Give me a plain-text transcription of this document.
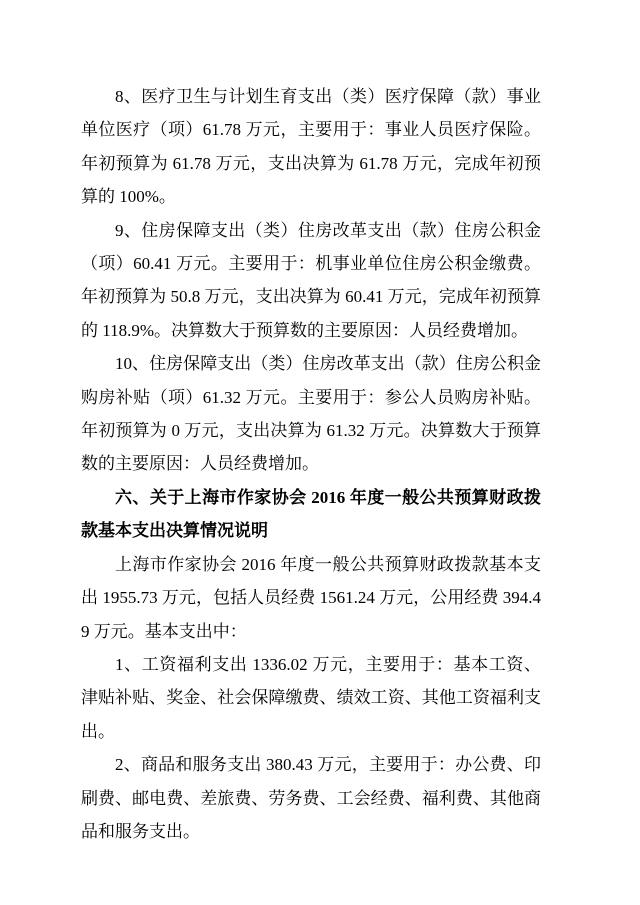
8、医疗卫生与计划生育支出（类）医疗保障（款）事业单位医疗（项）61.78 万元，主要用于：事业人员医疗保险。年初预算为 61.78 万元，支出决算为 61.78 万元，完成年初预算的 100%。

9、住房保障支出（类）住房改革支出（款）住房公积金（项）60.41 万元。主要用于：机事业单位住房公积金缴费。年初预算为 50.8 万元，支出决算为 60.41 万元，完成年初预算的 118.9%。决算数大于预算数的主要原因：人员经费增加。

10、住房保障支出（类）住房改革支出（款）住房公积金购房补贴（项）61.32 万元。主要用于：参公人员购房补贴。年初预算为 0 万元，支出决算为 61.32 万元。决算数大于预算数的主要原因：人员经费增加。

六、关于上海市作家协会 2016 年度一般公共预算财政拨款基本支出决算情况说明

上海市作家协会 2016 年度一般公共预算财政拨款基本支出 1955.73 万元，包括人员经费 1561.24 万元，公用经费 394.49 万元。基本支出中：

1、工资福利支出 1336.02 万元，主要用于：基本工资、津贴补贴、奖金、社会保障缴费、绩效工资、其他工资福利支出。

2、商品和服务支出 380.43 万元，主要用于：办公费、印刷费、邮电费、差旅费、劳务费、工会经费、福利费、其他商品和服务支出。
